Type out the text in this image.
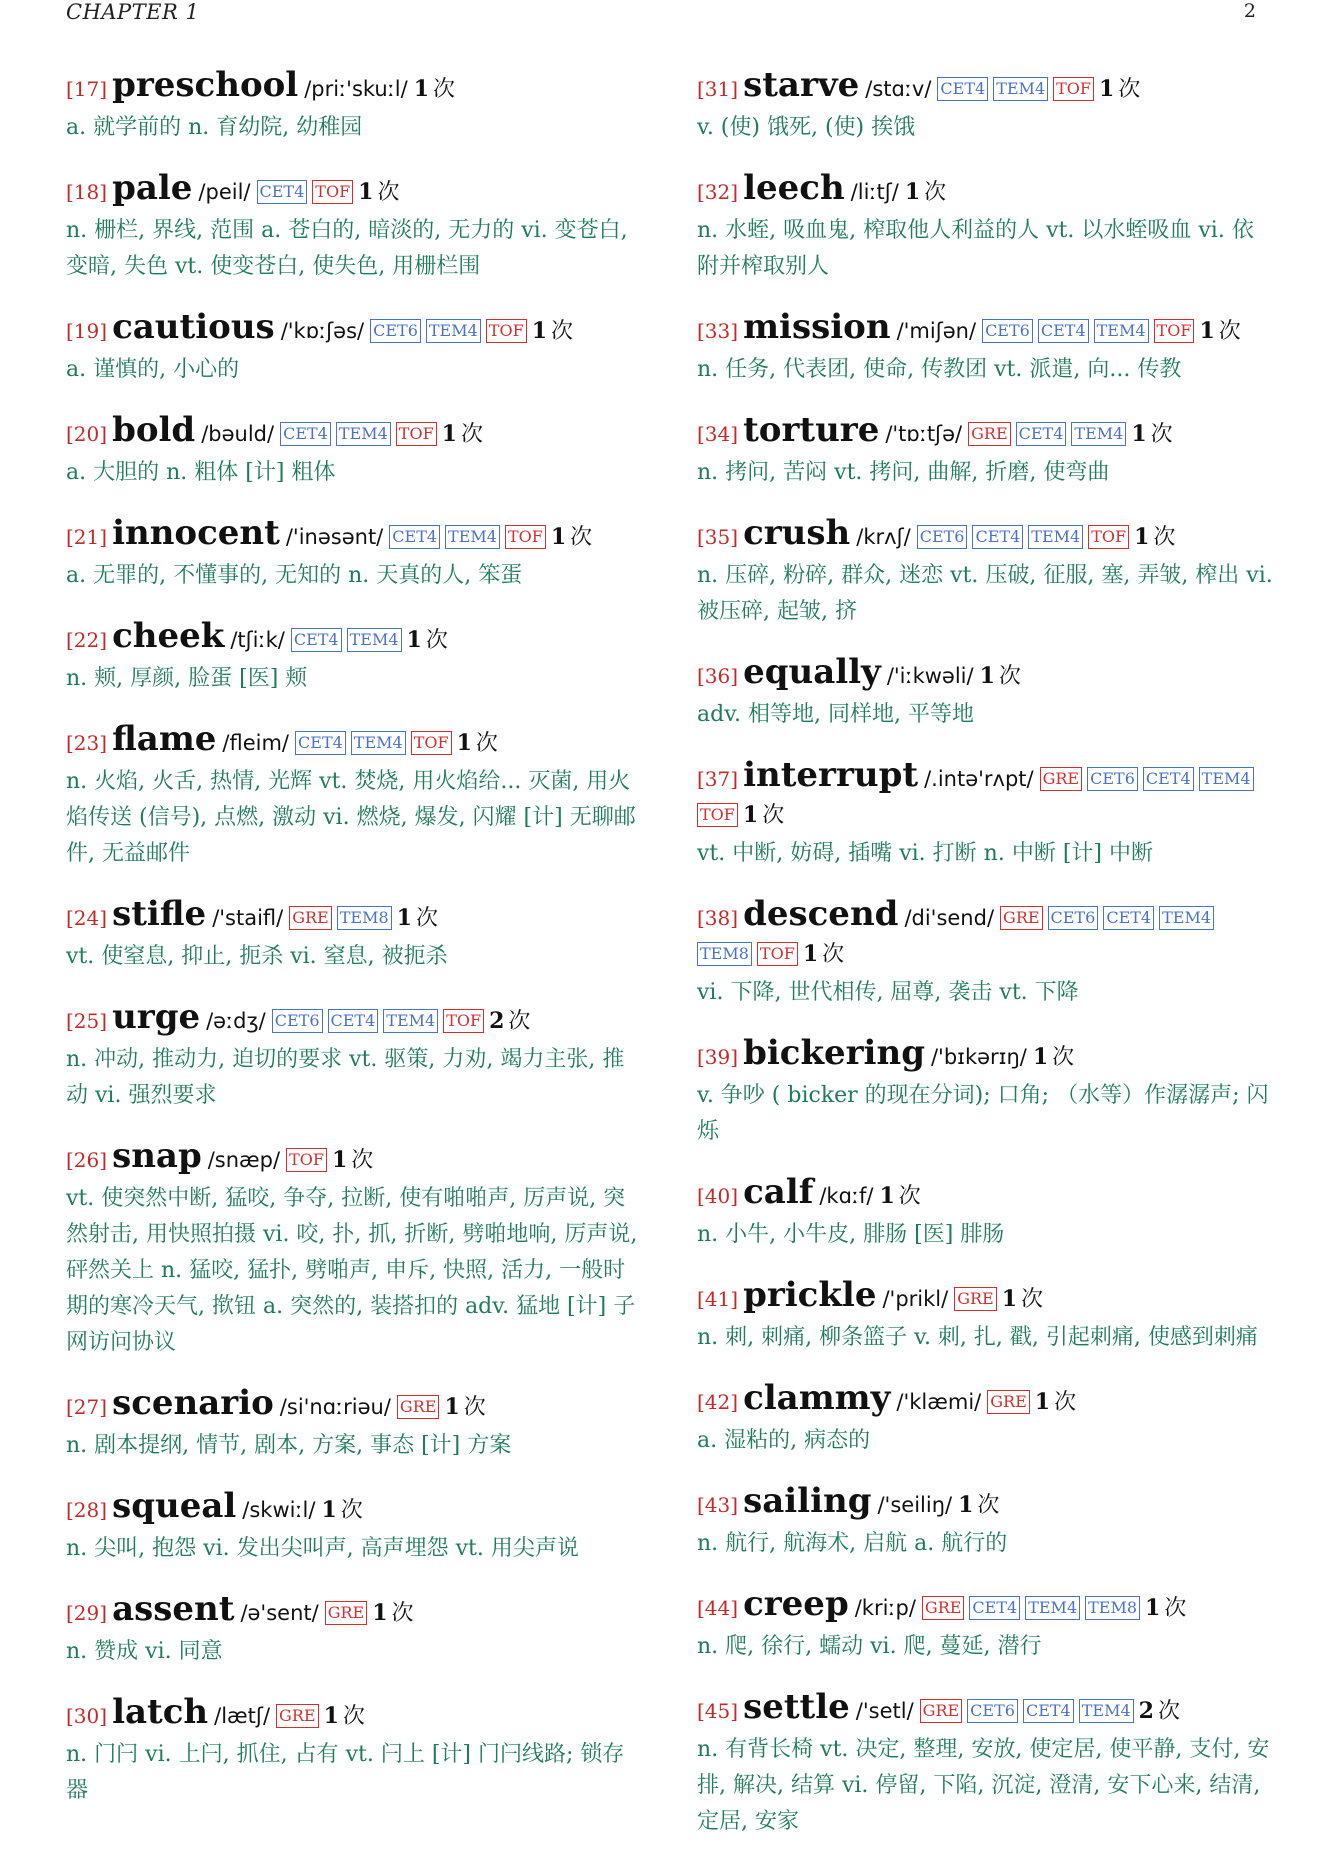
CHAPTER 1	2
[17] preschool /priː'skuːl/ 1 次
a. 就学前的 n. 育幼院, 幼稚园
[18] pale /peil/ CET4 TOF 1 次
n. 栅栏, 界线, 范围 a. 苍白的, 暗淡的, 无力的 vi. 变苍白, 变暗, 失色 vt. 使变苍白, 使失色, 用栅栏围
[19] cautious /'kɒːʃəs/ CET6 TEM4 TOF 1 次
a. 谨慎的, 小心的
[20] bold /bəuld/ CET4 TEM4 TOF 1 次
a. 大胆的 n. 粗体 [计] 粗体
[21] innocent /'inəsənt/ CET4 TEM4 TOF 1 次
a. 无罪的, 不懂事的, 无知的 n. 天真的人, 笨蛋
[22] cheek /tʃiːk/ CET4 TEM4 1 次
n. 颊, 厚颜, 脸蛋 [医] 颊
[23] flame /fleim/ CET4 TEM4 TOF 1 次
n. 火焰, 火舌, 热情, 光辉 vt. 焚烧, 用火焰给... 灭菌, 用火焰传送 (信号), 点燃, 激动 vi. 燃烧, 爆发, 闪耀 [计] 无聊邮件, 无益邮件
[24] stifle /'staifl/ GRE TEM8 1 次
vt. 使窒息, 抑止, 扼杀 vi. 窒息, 被扼杀
[25] urge /əːdʒ/ CET6 CET4 TEM4 TOF 2 次
n. 冲动, 推动力, 迫切的要求 vt. 驱策, 力劝, 竭力主张, 推动 vi. 强烈要求
[26] snap /snæp/ TOF 1 次
vt. 使突然中断, 猛咬, 争夺, 拉断, 使有啪啪声, 厉声说, 突然射击, 用快照拍摄 vi. 咬, 扑, 抓, 折断, 劈啪地响, 厉声说, 砰然关上 n. 猛咬, 猛扑, 劈啪声, 申斥, 快照, 活力, 一般时期的寒冷天气, 揿钮 a. 突然的, 装搭扣的 adv. 猛地 [计] 子网访问协议
[27] scenario /si'nɑːriəu/ GRE 1 次
n. 剧本提纲, 情节, 剧本, 方案, 事态 [计] 方案
[28] squeal /skwiːl/ 1 次
n. 尖叫, 抱怨 vi. 发出尖叫声, 高声埋怨 vt. 用尖声说
[29] assent /ə'sent/ GRE 1 次
n. 赞成 vi. 同意
[30] latch /lætʃ/ GRE 1 次
n. 门闩 vi. 上闩, 抓住, 占有 vt. 闩上 [计] 门闩线路; 锁存器
[31] starve /stɑːv/ CET4 TEM4 TOF 1 次
v. (使) 饿死, (使) 挨饿
[32] leech /liːtʃ/ 1 次
n. 水蛭, 吸血鬼, 榨取他人利益的人 vt. 以水蛭吸血 vi. 依附并榨取别人
[33] mission /'miʃən/ CET6 CET4 TEM4 TOF 1 次
n. 任务, 代表团, 使命, 传教团 vt. 派遣, 向... 传教
[34] torture /'tɒːtʃə/ GRE CET4 TEM4 1 次
n. 拷问, 苦闷 vt. 拷问, 曲解, 折磨, 使弯曲
[35] crush /krʌʃ/ CET6 CET4 TEM4 TOF 1 次
n. 压碎, 粉碎, 群众, 迷恋 vt. 压破, 征服, 塞, 弄皱, 榨出 vi. 被压碎, 起皱, 挤
[36] equally /'iːkwəli/ 1 次
adv. 相等地, 同样地, 平等地
[37] interrupt /.intə'rʌpt/ GRE CET6 CET4 TEM4TOF 1 次
vt. 中断, 妨碍, 插嘴 vi. 打断 n. 中断 [计] 中断
[38] descend /di'send/ GRE CET6 CET4 TEM4TEM8 TOF 1 次
vi. 下降, 世代相传, 屈尊, 袭击 vt. 下降
[39] bickering /'bɪkərɪŋ/ 1 次
v. 争吵 ( bicker 的现在分词); 口角; （水等）作潺潺声; 闪烁
[40] calf /kɑːf/ 1 次
n. 小牛, 小牛皮, 腓肠 [医] 腓肠
[41] prickle /'prikl/ GRE 1 次
n. 刺, 刺痛, 柳条篮子 v. 刺, 扎, 戳, 引起刺痛, 使感到刺痛
[42] clammy /'klæmi/ GRE 1 次
a. 湿粘的, 病态的
[43] sailing /'seiliŋ/ 1 次
n. 航行, 航海术, 启航 a. 航行的
[44] creep /kriːp/ GRE CET4 TEM4 TEM8 1 次
n. 爬, 徐行, 蠕动 vi. 爬, 蔓延, 潜行
[45] settle /'setl/ GRE CET6 CET4 TEM4 2 次
n. 有背长椅 vt. 决定, 整理, 安放, 使定居, 使平静, 支付, 安排, 解决, 结算 vi. 停留, 下陷, 沉淀, 澄清, 安下心来, 结清, 定居, 安家
